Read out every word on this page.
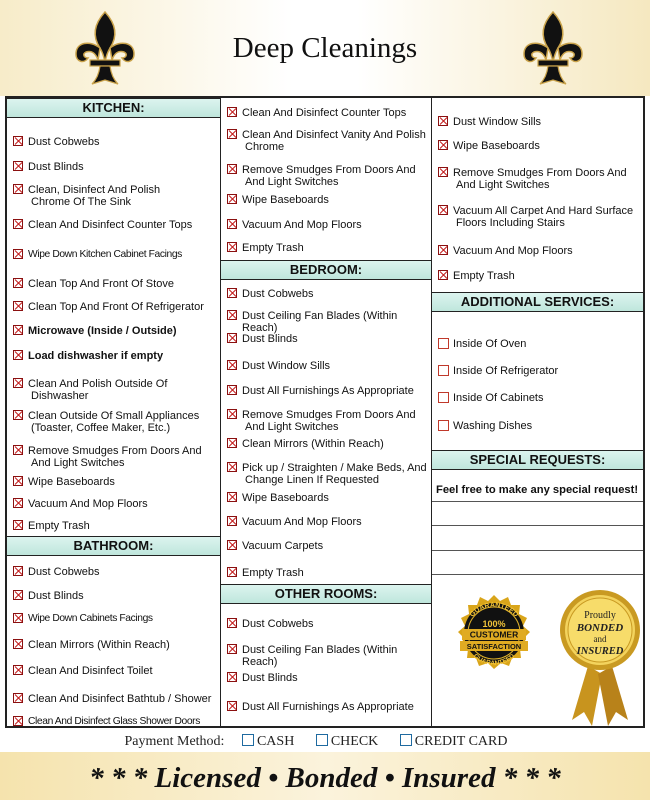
Deep Cleanings
KITCHEN:
Dust Cobwebs
Dust Blinds
Clean, Disinfect And Polish
Chrome Of The Sink
Clean And Disinfect Counter Tops
Wipe Down Kitchen Cabinet Facings
Clean Top And Front Of Stove
Clean Top And Front Of Refrigerator
Microwave (Inside / Outside)
Load dishwasher if empty
Clean And Polish Outside Of
Dishwasher
Clean Outside Of Small Appliances
(Toaster, Coffee Maker, Etc.)
Remove Smudges From Doors And
And Light Switches
Wipe Baseboards
Vacuum And Mop Floors
Empty Trash
BATHROOM:
Dust Cobwebs
Dust Blinds
Wipe Down Cabinets Facings
Clean Mirrors (Within Reach)
Clean And Disinfect Toilet
Clean And Disinfect Bathtub / Shower
Clean And Disinfect Glass Shower Doors
Clean And Disinfect Counter Tops
Clean And Disinfect Vanity And Polish
Chrome
Remove Smudges From Doors And
And Light Switches
Wipe Baseboards
Vacuum And Mop Floors
Empty Trash
BEDROOM:
Dust Cobwebs
Dust Ceiling Fan Blades (Within Reach)
Dust Blinds
Dust Window Sills
Dust All Furnishings As Appropriate
Remove Smudges From Doors And
And Light Switches
Clean Mirrors (Within Reach)
Pick up / Straighten / Make Beds, And
Change Linen If Requested
Wipe Baseboards
Vacuum And Mop Floors
Vacuum Carpets
Empty Trash
OTHER ROOMS:
Dust Cobwebs
Dust Ceiling Fan Blades (Within Reach)
Dust Blinds
Dust All Furnishings As Appropriate
Dust Window Sills
Wipe Baseboards
Remove Smudges From Doors And
And Light Switches
Vacuum All Carpet And Hard Surface
Floors Including Stairs
Vacuum And Mop Floors
Empty Trash
ADDITIONAL SERVICES:
Inside Of Oven
Inside Of Refrigerator
Inside Of Cabinets
Washing Dishes
SPECIAL REQUESTS:
Feel free to make any special request!
GUARANTEED
100%
CUSTOMER
SATISFACTION
GUARANTEED
Proudly
BONDED
and
INSURED
Payment Method: CASH	CHECK	CREDIT CARD
* * * Licensed • Bonded • Insured * * *
